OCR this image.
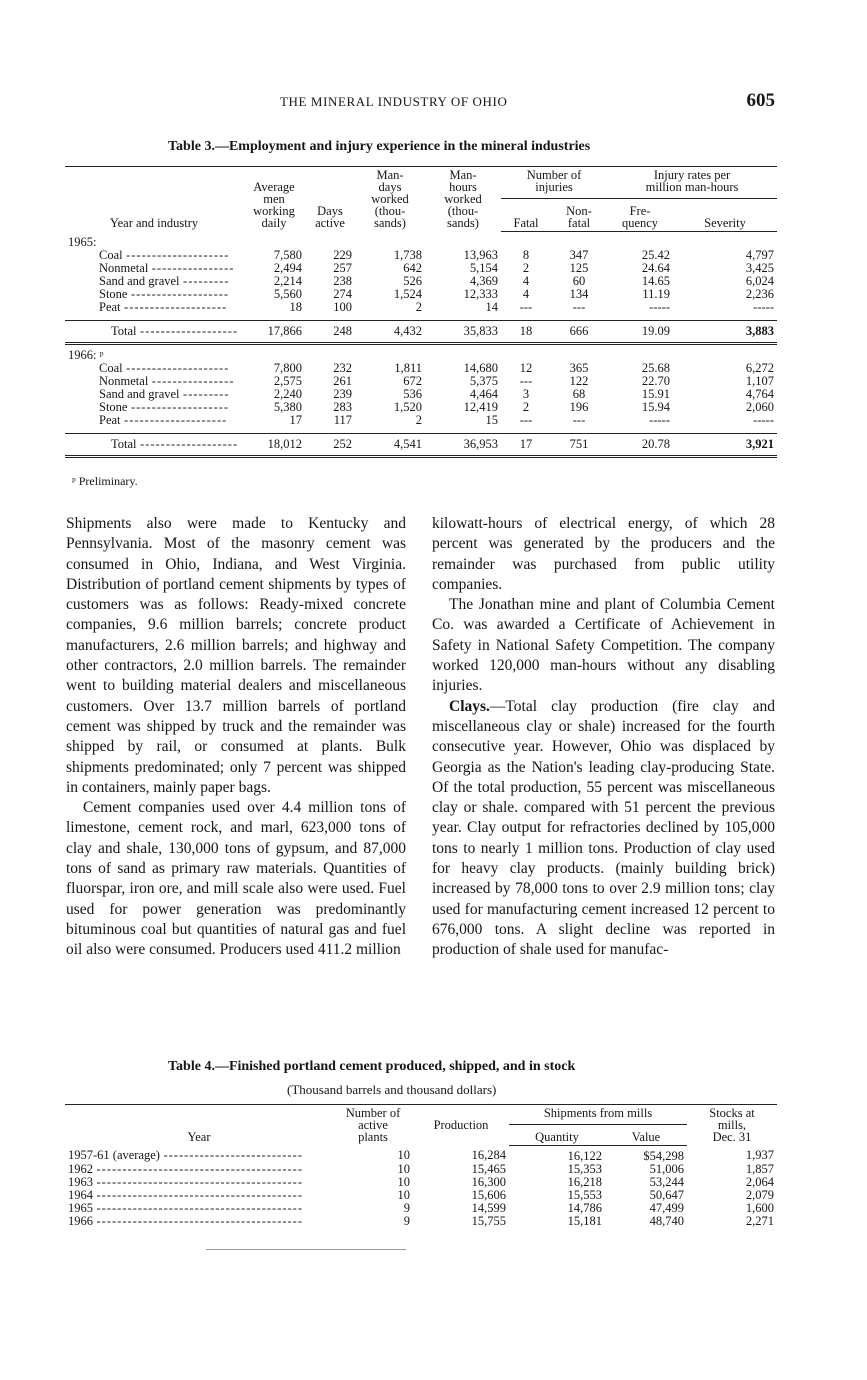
THE MINERAL INDUSTRY OF OHIO	605
Table 3.—Employment and injury experience in the mineral industries
Year and industry	Average
men
working
daily	Days
active	Man-
days
worked
(thou-
sands)	Man-
hours
worked
(thou-
sands)	Number of
injuries		Injury rates per
million man-hours	
					Fatal	Non-
fatal	Fre-
quency	Severity
1965:								
Coal --------------------	7,580	229	1,738	13,963	8	347	25.42	4,797
Nonmetal ----------------	2,494	257	642	5,154	2	125	24.64	3,425
Sand and gravel ---------	2,214	238	526	4,369	4	60	14.65	6,024
Stone -------------------	5,560	274	1,524	12,333	4	134	11.19	2,236
Peat --------------------	18	100	2	14	---	---	-----	-----

Total -------------------	17,866	248	4,432	35,833	18	666	19.09	3,883
1966: ᵖ								
Coal --------------------	7,800	232	1,811	14,680	12	365	25.68	6,272
Nonmetal ----------------	2,575	261	672	5,375	---	122	22.70	1,107
Sand and gravel ---------	2,240	239	536	4,464	3	68	15.91	4,764
Stone -------------------	5,380	283	1,520	12,419	2	196	15.94	2,060
Peat --------------------	17	117	2	15	---	---	-----	-----

Total -------------------	18,012	252	4,541	36,953	17	751	20.78	3,921
ᵖ Preliminary.

Shipments also were made to Kentucky and Pennsylvania. Most of the masonry cement was consumed in Ohio, Indiana, and West Virginia. Distribution of portland cement shipments by types of customers was as follows: Ready-mixed concrete companies, 9.6 million barrels; concrete product manufacturers, 2.6 million barrels; and highway and other contractors, 2.0 million barrels. The remainder went to building material dealers and miscellaneous customers. Over 13.7 million barrels of portland cement was shipped by truck and the remainder was shipped by rail, or consumed at plants. Bulk shipments predominated; only 7 percent was shipped in containers, mainly paper bags.

Cement companies used over 4.4 million tons of limestone, cement rock, and marl, 623,000 tons of clay and shale, 130,000 tons of gypsum, and 87,000 tons of sand as primary raw materials. Quantities of fluorspar, iron ore, and mill scale also were used. Fuel used for power generation was predominantly bituminous coal but quantities of natural gas and fuel oil also were consumed. Producers used 411.2 million

kilowatt-hours of electrical energy, of which 28 percent was generated by the producers and the remainder was purchased from public utility companies.

The Jonathan mine and plant of Columbia Cement Co. was awarded a Certificate of Achievement in Safety in National Safety Competition. The company worked 120,000 man-hours without any disabling injuries.

Clays.—Total clay production (fire clay and miscellaneous clay or shale) increased for the fourth consecutive year. However, Ohio was displaced by Georgia as the Nation's leading clay-producing State. Of the total production, 55 percent was miscellaneous clay or shale. compared with 51 percent the previous year. Clay output for refractories declined by 105,000 tons to nearly 1 million tons. Production of clay used for heavy clay products. (mainly building brick) increased by 78,000 tons to over 2.9 million tons; clay used for manufacturing cement increased 12 percent to 676,000 tons. A slight decline was reported in production of shale used for manufac-

Table 4.—Finished portland cement produced, shipped, and in stock
(Thousand barrels and thousand dollars)
Year	Number of
active
plants	Production	Shipments from mills		Stocks at
mills,
Dec. 31
			Quantity	Value	
1957-61 (average) ---------------------------	10	16,284	16,122	$54,298	1,937
1962 ----------------------------------------	10	15,465	15,353	51,006	1,857
1963 ----------------------------------------	10	16,300	16,218	53,244	2,064
1964 ----------------------------------------	10	15,606	15,553	50,647	2,079
1965 ----------------------------------------	9	14,599	14,786	47,499	1,600
1966 ----------------------------------------	9	15,755	15,181	48,740	2,271
